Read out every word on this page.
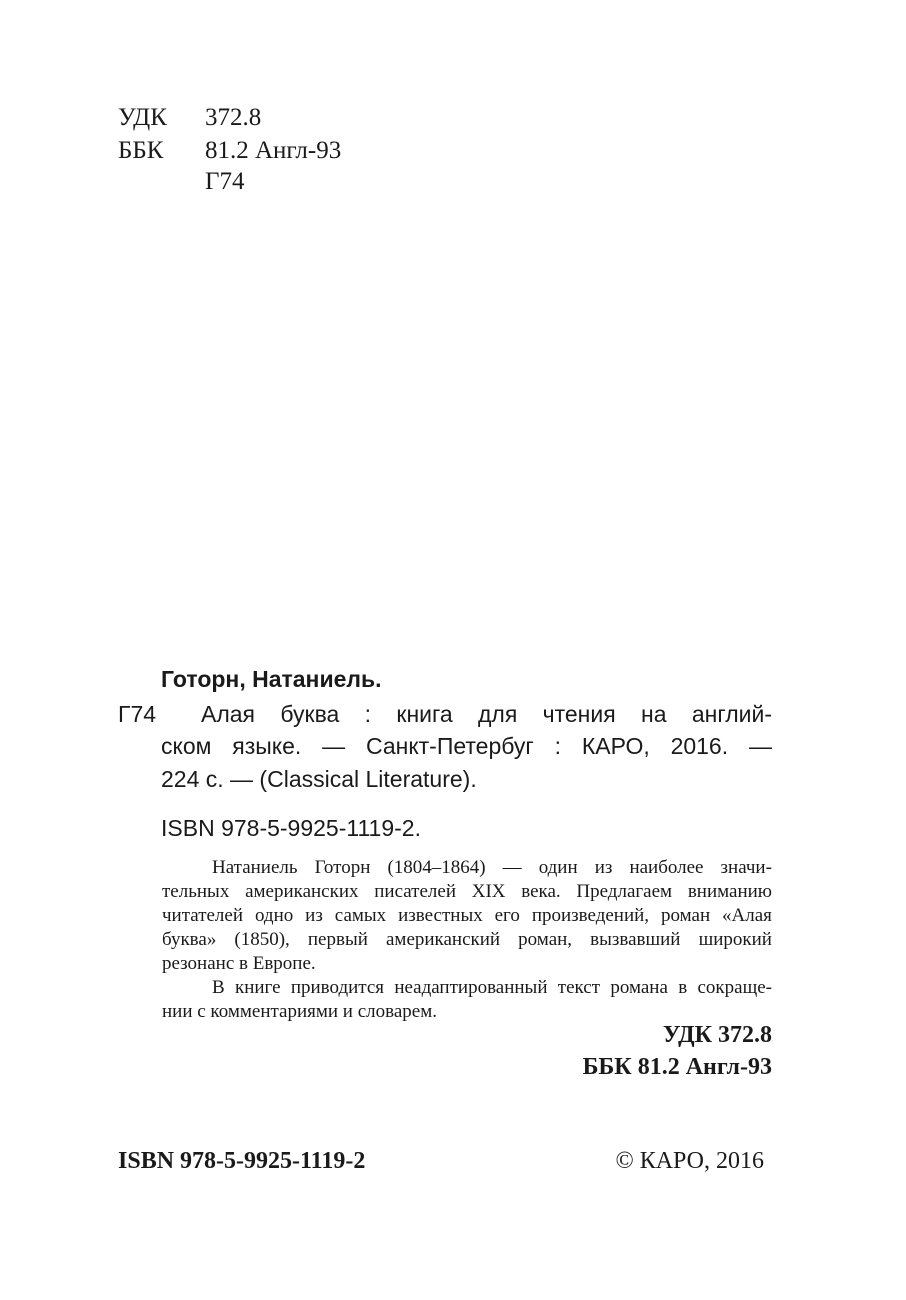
УДК 372.8
ББК 81.2 Англ-93
Г74
Готорн, Натаниель.
Г74 Алая буква : книга для чтения на англий-
ском языке. — Санкт-Петербуг : КАРО, 2016. —
224 с. — (Classical Literature).
ISBN 978-5-9925-1119-2.
Натаниель Готорн (1804–1864) — один из наиболее значи-
тельных американских писателей XIX века. Предлагаем вниманию
читателей одно из самых известных его произведений, роман «Алая
буква» (1850), первый американский роман, вызвавший широкий
резонанс в Европе.
В книге приводится неадаптированный текст романа в сокраще-
нии с комментариями и словарем.
УДК 372.8
ББК 81.2 Англ-93
ISBN 978-5-9925-1119-2	© КАРО, 2016
